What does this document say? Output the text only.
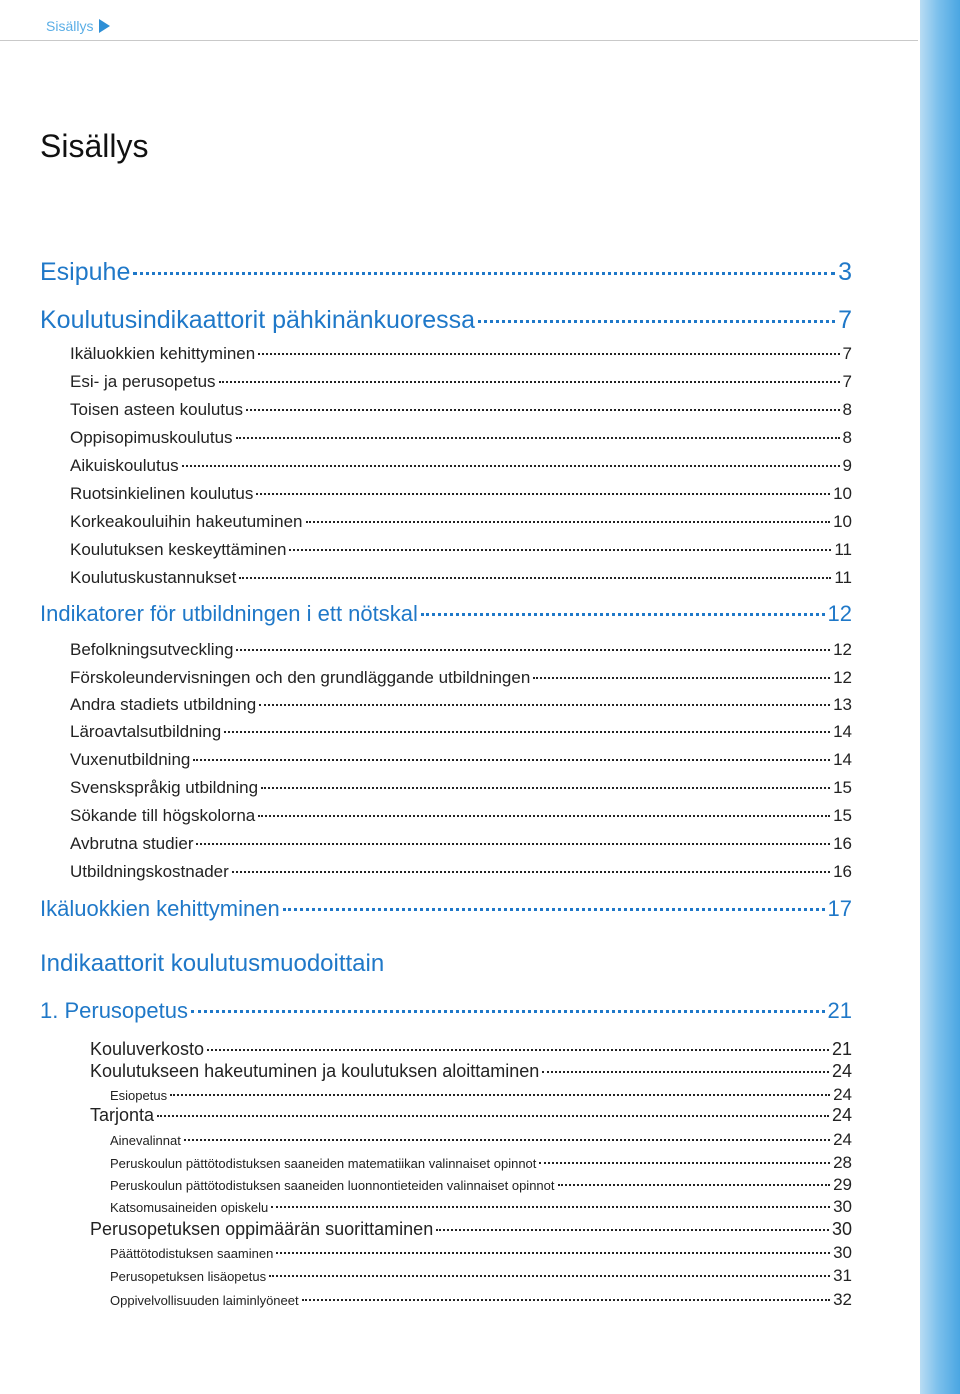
Sisällys
Sisällys
Esipuhe	3
Koulutusindikaattorit pähkinänkuoressa	7
Ikäluokkien kehittyminen	7
Esi- ja perusopetus	7
Toisen asteen koulutus	8
Oppisopimuskoulutus	8
Aikuiskoulutus	9
Ruotsinkielinen koulutus	10
Korkeakouluihin hakeutuminen	10
Koulutuksen keskeyttäminen	11
Koulutuskustannukset	11
Indikatorer för utbildningen i ett nötskal	12
Befolkningsutveckling	12
Förskoleundervisningen och den grundläggande utbildningen	12
Andra stadiets utbildning	13
Läroavtalsutbildning	14
Vuxenutbildning	14
Svenskspråkig utbildning	15
Sökande till högskolorna	15
Avbrutna studier	16
Utbildningskostnader	16
Ikäluokkien kehittyminen	17
Indikaattorit koulutusmuodoittain
1. Perusopetus	21
Kouluverkosto	21
Koulutukseen hakeutuminen ja koulutuksen aloittaminen	24
Esiopetus	24
Tarjonta	24
Ainevalinnat	24
Peruskoulun pättötodistuksen saaneiden matematiikan valinnaiset opinnot	28
Peruskoulun pättötodistuksen saaneiden luonnontieteiden valinnaiset opinnot	29
Katsomusaineiden opiskelu	30
Perusopetuksen oppimäärän suorittaminen	30
Päättötodistuksen saaminen	30
Perusopetuksen lisäopetus	31
Oppivelvollisuuden laiminlyöneet	32
